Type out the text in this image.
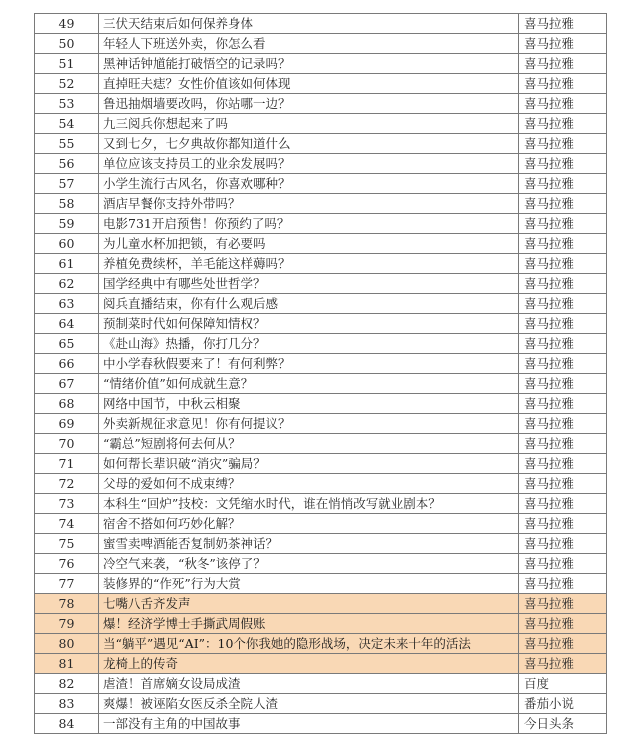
49	三伏天结束后如何保养身体	喜马拉雅
50	年轻人下班送外卖，你怎么看	喜马拉雅
51	黑神话钟馗能打破悟空的记录吗？	喜马拉雅
52	直掉旺夫痣？女性价值该如何体现	喜马拉雅
53	鲁迅抽烟墙要改吗，你站哪一边？	喜马拉雅
54	九三阅兵你想起来了吗	喜马拉雅
55	又到七夕，七夕典故你都知道什么	喜马拉雅
56	单位应该支持员工的业余发展吗？	喜马拉雅
57	小学生流行古风名，你喜欢哪种？	喜马拉雅
58	酒店早餐你支持外带吗？	喜马拉雅
59	电影731开启预售！你预约了吗？	喜马拉雅
60	为儿童水杯加把锁，有必要吗	喜马拉雅
61	养植免费续杯，羊毛能这样薅吗？	喜马拉雅
62	国学经典中有哪些处世哲学？	喜马拉雅
63	阅兵直播结束，你有什么观后感	喜马拉雅
64	预制菜时代如何保障知情权？	喜马拉雅
65	《赴山海》热播，你打几分？	喜马拉雅
66	中小学春秋假要来了！有何利弊？	喜马拉雅
67	“情绪价值”如何成就生意？	喜马拉雅
68	网络中国节，中秋云相聚	喜马拉雅
69	外卖新规征求意见！你有何提议？	喜马拉雅
70	“霸总”短剧将何去何从？	喜马拉雅
71	如何帮长辈识破“消灾”骗局？	喜马拉雅
72	父母的爱如何不成束缚？	喜马拉雅
73	本科生“回炉”技校：文凭缩水时代，谁在悄悄改写就业剧本？	喜马拉雅
74	宿舍不搭如何巧妙化解？	喜马拉雅
75	蜜雪卖啤酒能否复制奶茶神话？	喜马拉雅
76	冷空气来袭，“秋冬”该停了？	喜马拉雅
77	装修界的“作死”行为大赏	喜马拉雅
78	七嘴八舌齐发声	喜马拉雅
79	爆！经济学博士手撕武周假账	喜马拉雅
80	当“躺平”遇见“AI”：10个你我她的隐形战场，决定未来十年的活法	喜马拉雅
81	龙椅上的传奇	喜马拉雅
82	虐渣！首席嫡女设局成渣	百度
83	爽爆！被诬陷女医反杀全院人渣	番茄小说
84	一部没有主角的中国故事	今日头条
